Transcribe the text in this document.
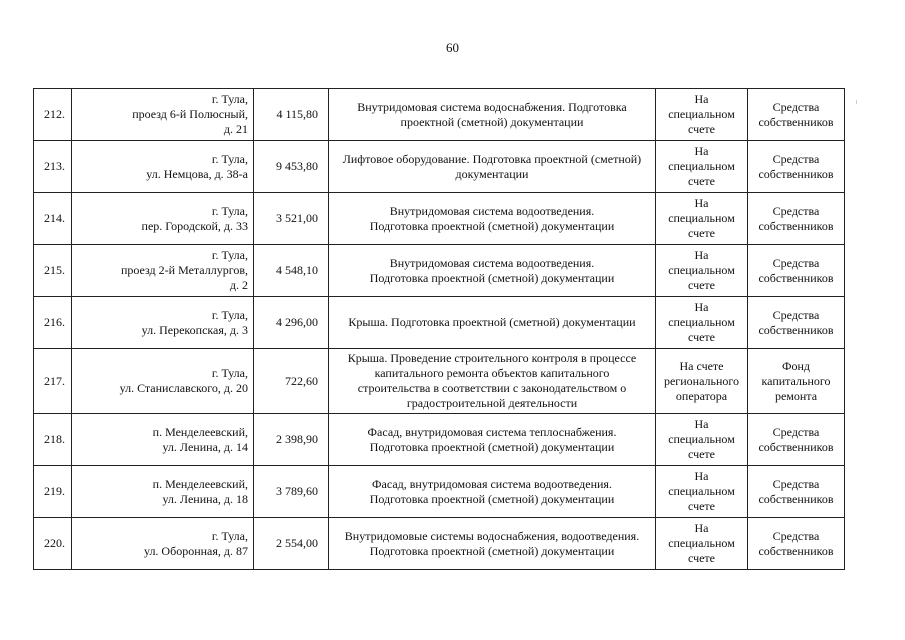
60
212.	г. Тула,
проезд 6-й Полюсный,
д. 21	4 115,80	Внутридомовая система водоснабжения. Подготовка
проектной (сметной) документации	На
специальном
счете	Средства
собственников

213.	г. Тула,
ул. Немцова, д. 38-а	9 453,80	Лифтовое оборудование. Подготовка проектной (сметной)
документации	На
специальном
счете	Средства
собственников

214.	г. Тула,
пер. Городской, д. 33	3 521,00	Внутридомовая система водоотведения.
Подготовка проектной (сметной) документации	На
специальном
счете	Средства
собственников

215.	г. Тула,
проезд 2-й Металлургов,
д. 2	4 548,10	Внутридомовая система водоотведения.
Подготовка проектной (сметной) документации	На
специальном
счете	Средства
собственников

216.	г. Тула,
ул. Перекопская, д. 3	4 296,00	Крыша. Подготовка проектной (сметной) документации	На
специальном
счете	Средства
собственников

217.	г. Тула,
ул. Станиславского, д. 20	722,60	Крыша. Проведение строительного контроля в процессе
капитального ремонта объектов капитального
строительства в соответствии с законодательством о
градостроительной деятельности	На счете
регионального
оператора	Фонд
капитального
ремонта

218.	п. Менделеевский,
ул. Ленина, д. 14	2 398,90	Фасад, внутридомовая система теплоснабжения.
Подготовка проектной (сметной) документации	На
специальном
счете	Средства
собственников

219.	п. Менделеевский,
ул. Ленина, д. 18	3 789,60	Фасад, внутридомовая система водоотведения.
Подготовка проектной (сметной) документации	На
специальном
счете	Средства
собственников

220.	г. Тула,
ул. Оборонная, д. 87	2 554,00	Внутридомовые системы водоснабжения, водоотведения.
Подготовка проектной (сметной) документации	На
специальном
счете	Средства
собственников
